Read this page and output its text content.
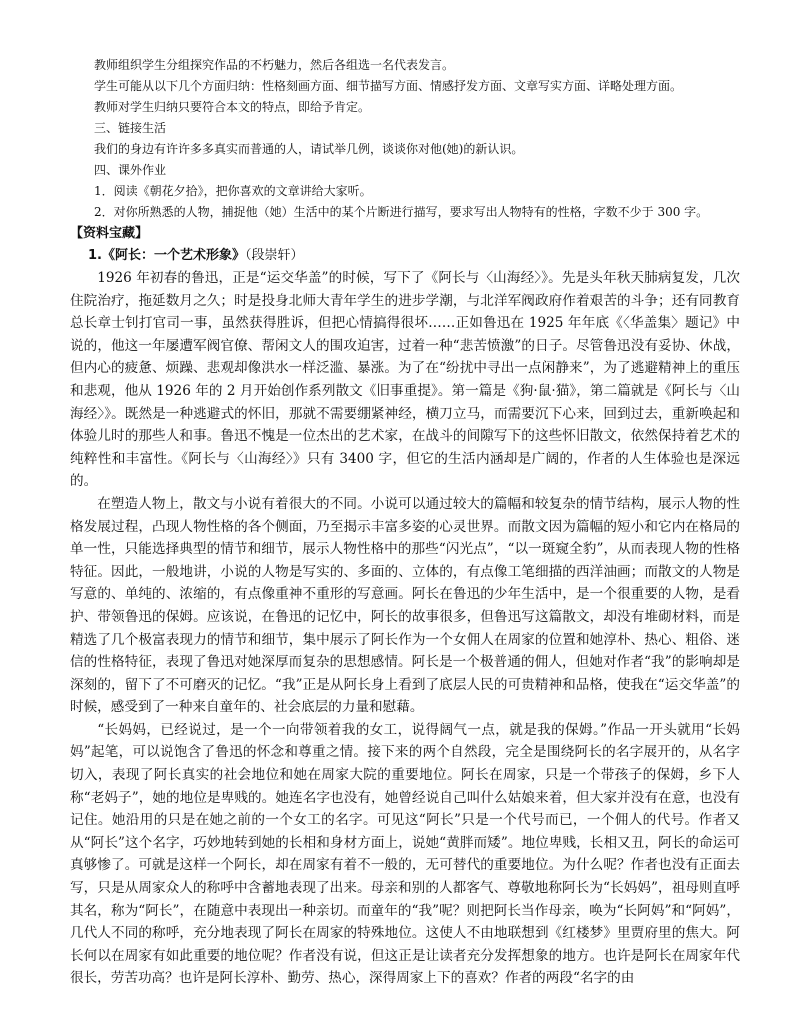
教师组织学生分组探究作品的不朽魅力，然后各组选一名代表发言。

学生可能从以下几个方面归纳：性格刻画方面、细节描写方面、情感抒发方面、文章写实方面、详略处理方面。

教师对学生归纳只要符合本文的特点，即给予肯定。

三、链接生活

我们的身边有许许多多真实而普通的人，请试举几例，谈谈你对他(她)的新认识。

四、课外作业

1．阅读《朝花夕拾》，把你喜欢的文章讲给大家听。

2．对你所熟悉的人物，捕捉他（她）生活中的某个片断进行描写，要求写出人物特有的性格，字数不少于 300 字。

【资料宝藏】

1.《阿长：一个艺术形象》（段崇轩）

1926 年初春的鲁迅，正是“运交华盖”的时候，写下了《阿长与〈山海经〉》。先是头年秋天肺病复发，几次住院治疗，拖延数月之久；时是投身北师大青年学生的进步学潮，与北洋军阀政府作着艰苦的斗争；还有同教育总长章士钊打官司一事，虽然获得胜诉，但把心情搞得很坏……正如鲁迅在 1925 年年底《〈华盖集〉题记》中说的，他这一年屡遭军阀官僚、帮闲文人的围攻迫害，过着一种“悲苦愤激”的日子。尽管鲁迅没有妥协、休战，但内心的疲惫、烦躁、悲观却像洪水一样泛滥、暴涨。为了在“纷扰中寻出一点闲静来”，为了逃避精神上的重压和悲观，他从 1926 年的 2 月开始创作系列散文《旧事重提》。第一篇是《狗·鼠·猫》，第二篇就是《阿长与〈山海经〉》。既然是一种逃避式的怀旧，那就不需要绷紧神经，横刀立马，而需要沉下心来，回到过去，重新唤起和体验儿时的那些人和事。鲁迅不愧是一位杰出的艺术家，在战斗的间隙写下的这些怀旧散文，依然保持着艺术的纯粹性和丰富性。《阿长与〈山海经〉》只有 3400 字，但它的生活内涵却是广阔的，作者的人生体验也是深远的。

在塑造人物上，散文与小说有着很大的不同。小说可以通过较大的篇幅和较复杂的情节结构，展示人物的性格发展过程，凸现人物性格的各个侧面，乃至揭示丰富多姿的心灵世界。而散文因为篇幅的短小和它内在格局的单一性，只能选择典型的情节和细节，展示人物性格中的那些“闪光点”，“以一斑窥全豹”，从而表现人物的性格特征。因此，一般地讲，小说的人物是写实的、多面的、立体的，有点像工笔细描的西洋油画；而散文的人物是写意的、单纯的、浓缩的，有点像重神不重形的写意画。阿长在鲁迅的少年生活中，是一个很重要的人物，是看护、带领鲁迅的保姆。应该说，在鲁迅的记忆中，阿长的故事很多，但鲁迅写这篇散文，却没有堆砌材料，而是精选了几个极富表现力的情节和细节，集中展示了阿长作为一个女佣人在周家的位置和她淳朴、热心、粗俗、迷信的性格特征，表现了鲁迅对她深厚而复杂的思想感情。阿长是一个极普通的佣人，但她对作者“我”的影响却是深刻的，留下了不可磨灭的记忆。“我”正是从阿长身上看到了底层人民的可贵精神和品格，使我在“运交华盖”的时候，感受到了一种来自童年的、社会底层的力量和慰藉。

“长妈妈，已经说过，是一个一向带领着我的女工，说得阔气一点，就是我的保姆。”作品一开头就用“长妈妈”起笔，可以说饱含了鲁迅的怀念和尊重之情。接下来的两个自然段，完全是围绕阿长的名字展开的，从名字切入，表现了阿长真实的社会地位和她在周家大院的重要地位。阿长在周家，只是一个带孩子的保姆，乡下人称“老妈子”，她的地位是卑贱的。她连名字也没有，她曾经说自己叫什么姑娘来着，但大家并没有在意，也没有记住。她沿用的只是在她之前的一个女工的名字。可见这“阿长”只是一个代号而已，一个佣人的代号。作者又从“阿长”这个名字，巧妙地转到她的长相和身材方面上，说她“黄胖而矮”。地位卑贱，长相又丑，阿长的命运可真够惨了。可就是这样一个阿长，却在周家有着不一般的，无可替代的重要地位。为什么呢？作者也没有正面去写，只是从周家众人的称呼中含蓄地表现了出来。母亲和别的人都客气、尊敬地称阿长为“长妈妈”，祖母则直呼其名，称为“阿长”，在随意中表现出一种亲切。而童年的“我”呢？则把阿长当作母亲，唤为“长阿妈”和“阿妈”，几代人不同的称呼，充分地表现了阿长在周家的特殊地位。这使人不由地联想到《红楼梦》里贾府里的焦大。阿长何以在周家有如此重要的地位呢？作者没有说，但这正是让读者充分发挥想象的地方。也许是阿长在周家年代很长，劳苦功高？也许是阿长淳朴、勤劳、热心，深得周家上下的喜欢？作者的两段“名字的由
